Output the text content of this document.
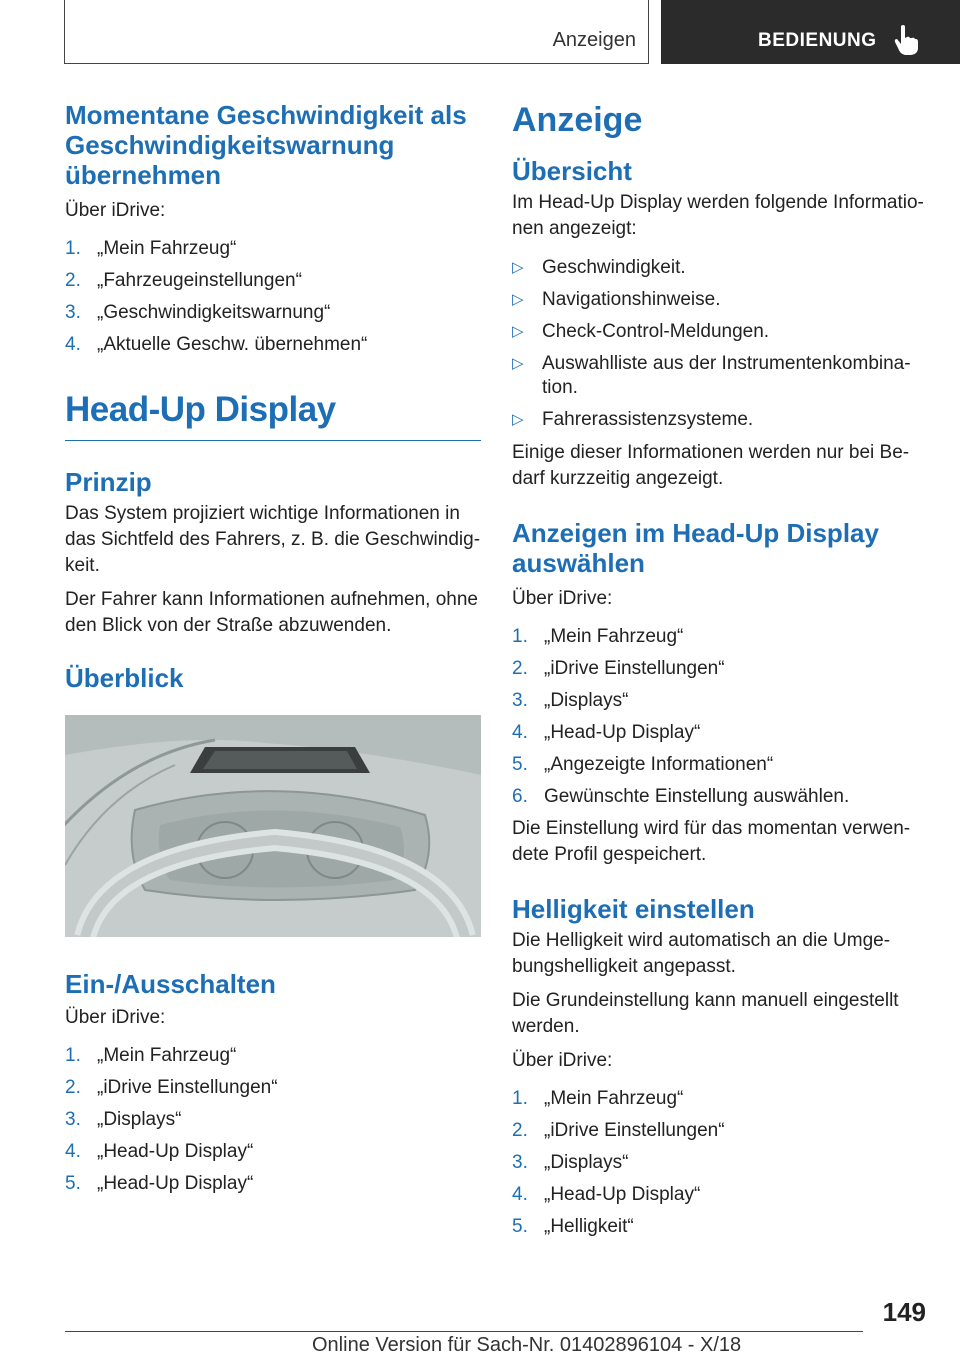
Anzeigen	BEDIENUNG
Momentane Geschwindigkeit als Geschwindigkeitswarnung übernehmen

Über iDrive:

1. „Mein Fahrzeug“
2. „Fahrzeugeinstellungen“
3. „Geschwindigkeitswarnung“
4. „Aktuelle Geschw. übernehmen“
Head-Up Display
Prinzip

Das System projiziert wichtige Informationen in das Sichtfeld des Fahrers, z. B. die Geschwindig- keit.

Der Fahrer kann Informationen aufnehmen, ohne den Blick von der Straße abzuwenden.

Überblick
Ein-/Ausschalten

Über iDrive:

1. „Mein Fahrzeug“
2. „iDrive Einstellungen“
3. „Displays“
4. „Head-Up Display“
5. „Head-Up Display“
Anzeige
Übersicht

Im Head-Up Display werden folgende Informatio- nen angezeigt:

▷ Geschwindigkeit.
▷ Navigationshinweise.
▷ Check-Control-Meldungen.
▷ Auswahlliste aus der Instrumentenkombina- tion.
▷ Fahrerassistenzsysteme.

Einige dieser Informationen werden nur bei Be- darf kurzzeitig angezeigt.

Anzeigen im Head-Up Display auswählen

Über iDrive:

1. „Mein Fahrzeug“
2. „iDrive Einstellungen“
3. „Displays“
4. „Head-Up Display“
5. „Angezeigte Informationen“
6. Gewünschte Einstellung auswählen.

Die Einstellung wird für das momentan verwen- dete Profil gespeichert.

Helligkeit einstellen

Die Helligkeit wird automatisch an die Umge- bungshelligkeit angepasst.

Die Grundeinstellung kann manuell eingestellt werden.

Über iDrive:

1. „Mein Fahrzeug“
2. „iDrive Einstellungen“
3. „Displays“
4. „Head-Up Display“
5. „Helligkeit“
149
Online Version für Sach-Nr. 01402896104 - X/18
